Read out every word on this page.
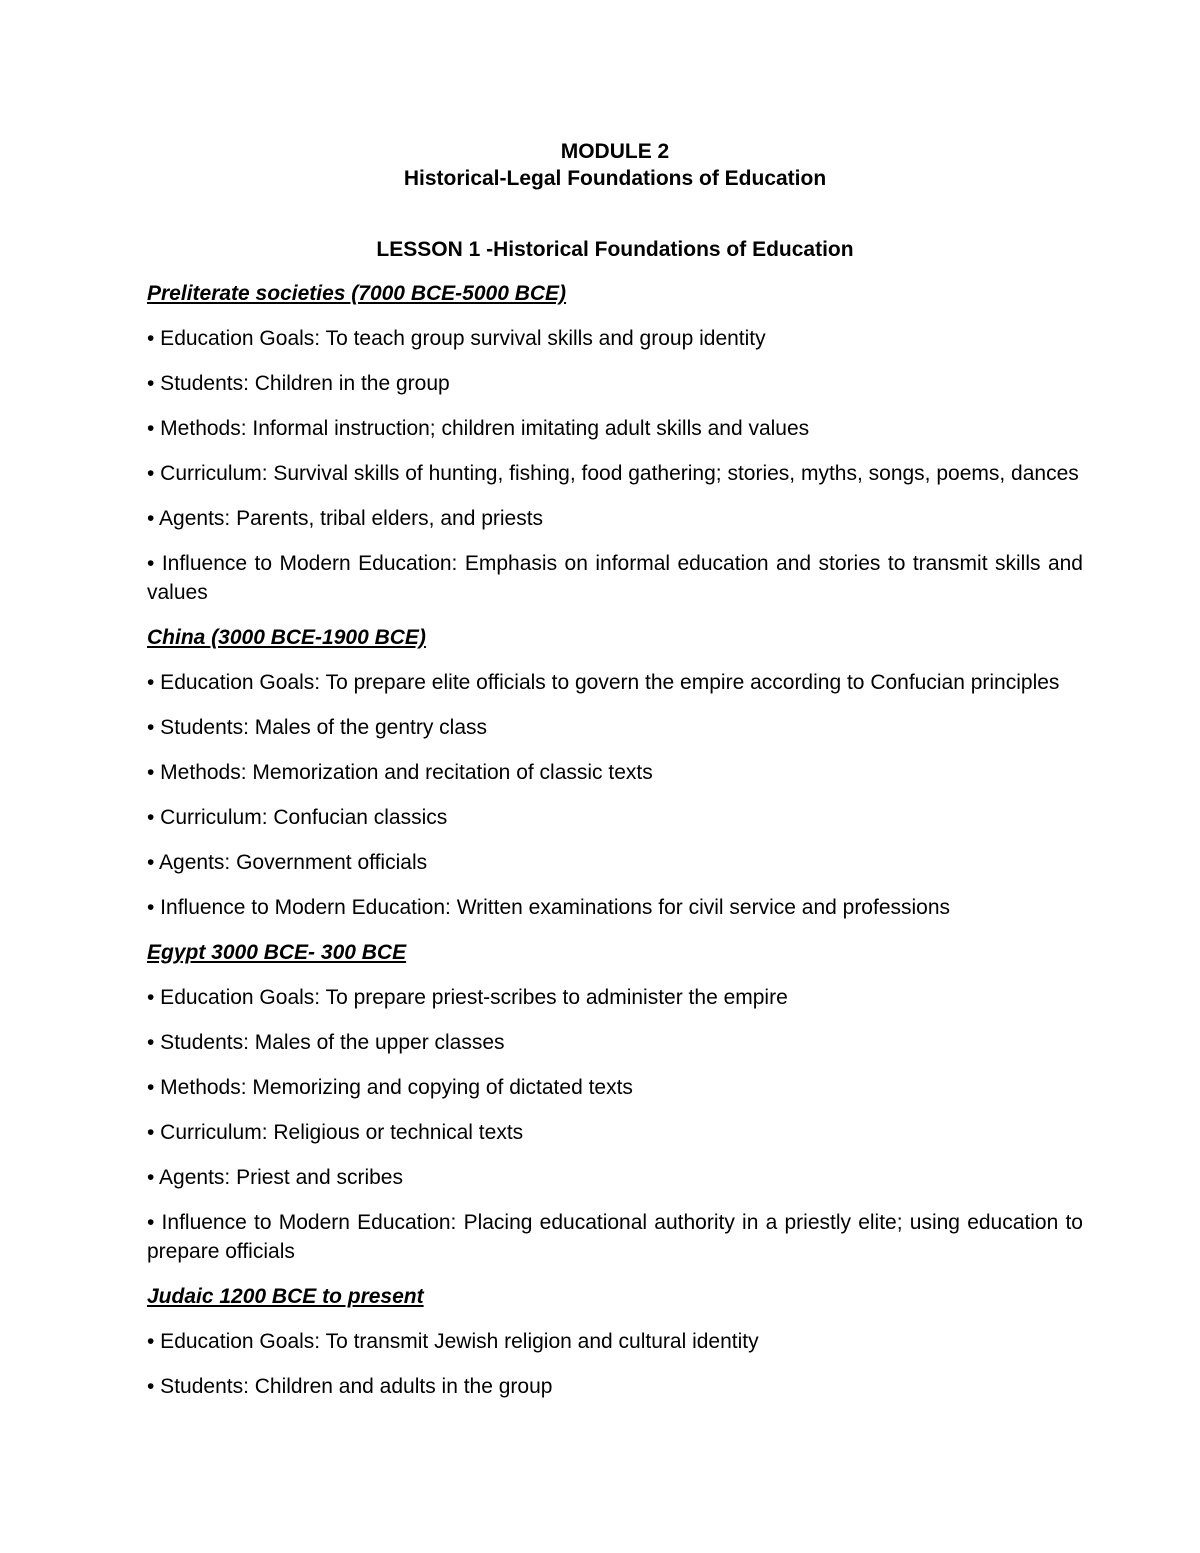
MODULE 2

Historical-Legal Foundations of Education

LESSON 1 -Historical Foundations of Education

Preliterate societies (7000 BCE-5000 BCE)

• Education Goals: To teach group survival skills and group identity

• Students: Children in the group

• Methods: Informal instruction; children imitating adult skills and values

• Curriculum: Survival skills of hunting, fishing, food gathering; stories, myths, songs, poems, dances

• Agents: Parents, tribal elders, and priests

• Influence to Modern Education: Emphasis on informal education and stories to transmit skills and values

China (3000 BCE-1900 BCE)

• Education Goals: To prepare elite officials to govern the empire according to Confucian principles

• Students: Males of the gentry class

• Methods: Memorization and recitation of classic texts

• Curriculum: Confucian classics

• Agents: Government officials

• Influence to Modern Education: Written examinations for civil service and professions

Egypt 3000 BCE- 300 BCE

• Education Goals: To prepare priest-scribes to administer the empire

• Students: Males of the upper classes

• Methods: Memorizing and copying of dictated texts

• Curriculum: Religious or technical texts

• Agents: Priest and scribes

• Influence to Modern Education: Placing educational authority in a priestly elite; using education to prepare officials

Judaic 1200 BCE to present

• Education Goals: To transmit Jewish religion and cultural identity

• Students: Children and adults in the group
